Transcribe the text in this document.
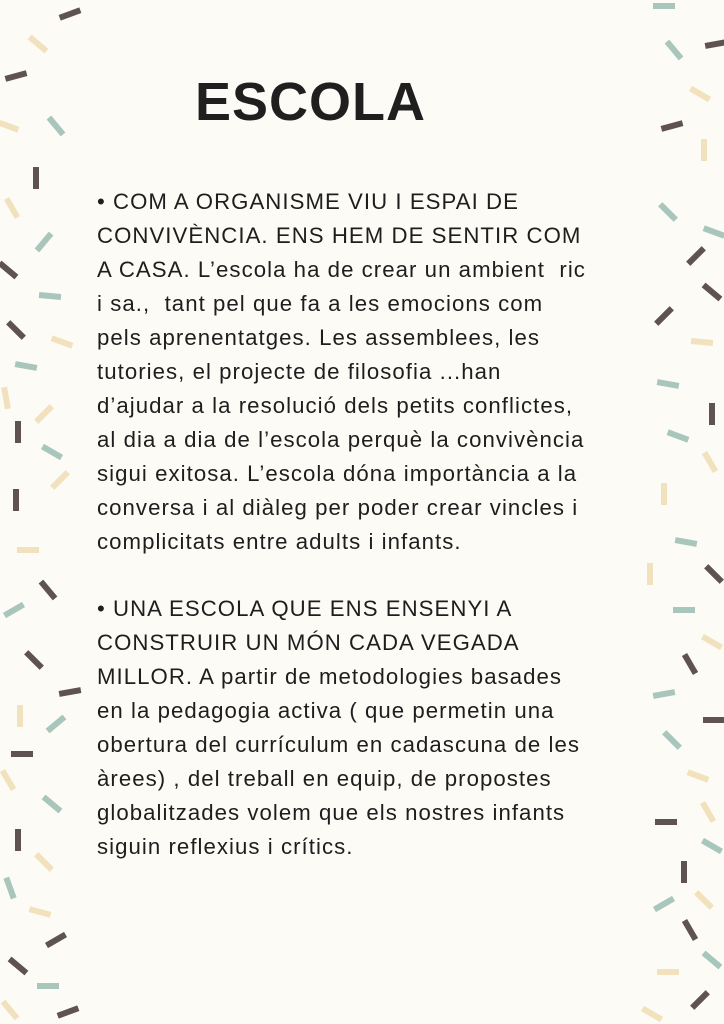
ESCOLA
• COM A ORGANISME VIU I ESPAI DE
CONVIVÈNCIA. ENS HEM DE SENTIR COM
A CASA. L’escola ha de crear un ambient  ric
i sa.,  tant pel que fa a les emocions com
pels aprenentatges. Les assemblees, les
tutories, el projecte de filosofia ...han
d’ajudar a la resolució dels petits conflictes,
al dia a dia de l’escola perquè la convivència
sigui exitosa. L’escola dóna importància a la
conversa i al diàleg per poder crear vincles i
complicitats entre adults i infants.
• UNA ESCOLA QUE ENS ENSENYI A
CONSTRUIR UN MÓN CADA VEGADA
MILLOR. A partir de metodologies basades
en la pedagogia activa ( que permetin una
obertura del currículum en cadascuna de les
àrees) , del treball en equip, de propostes
globalitzades volem que els nostres infants
siguin reflexius i crítics.
